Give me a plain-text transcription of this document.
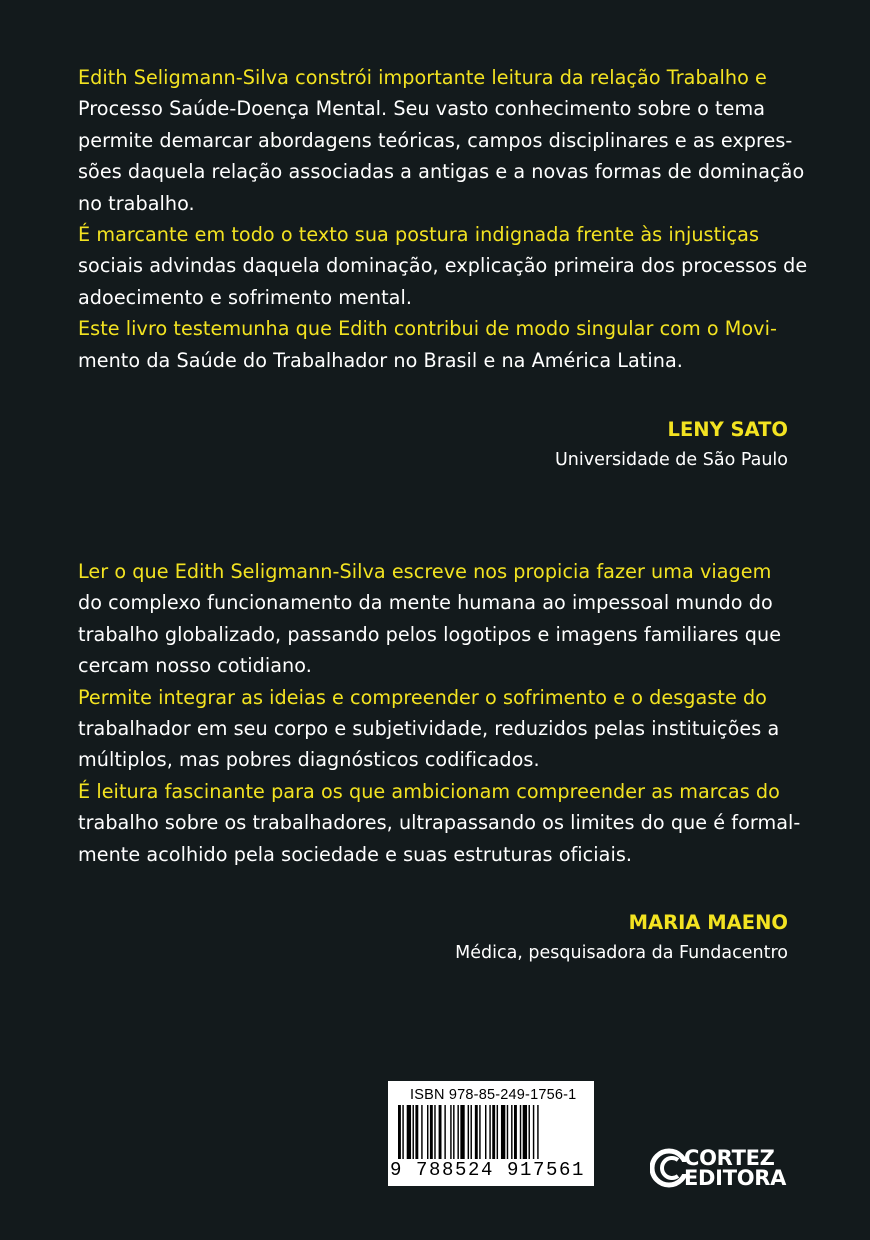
Edith Seligmann-Silva constrói importante leitura da relação Trabalho e
Processo Saúde-Doença Mental. Seu vasto conhecimento sobre o tema
permite demarcar abordagens teóricas, campos disciplinares e as expres-
sões daquela relação associadas a antigas e a novas formas de dominação
no trabalho.
É marcante em todo o texto sua postura indignada frente às injustiças
sociais advindas daquela dominação, explicação primeira dos processos de
adoecimento e sofrimento mental.
Este livro testemunha que Edith contribui de modo singular com o Movi-
mento da Saúde do Trabalhador no Brasil e na América Latina.
LENY SATO
Universidade de São Paulo
Ler o que Edith Seligmann-Silva escreve nos propicia fazer uma viagem
do complexo funcionamento da mente humana ao impessoal mundo do
trabalho globalizado, passando pelos logotipos e imagens familiares que
cercam nosso cotidiano.
Permite integrar as ideias e compreender o sofrimento e o desgaste do
trabalhador em seu corpo e subjetividade, reduzidos pelas instituições a
múltiplos, mas pobres diagnósticos codificados.
É leitura fascinante para os que ambicionam compreender as marcas do
trabalho sobre os trabalhadores, ultrapassando os limites do que é formal-
mente acolhido pela sociedade e suas estruturas oficiais.
MARIA MAENO
Médica, pesquisadora da Fundacentro
ISBN 978-85-249-1756-1
9 788524 917561	CORTEZ
EDITORA
